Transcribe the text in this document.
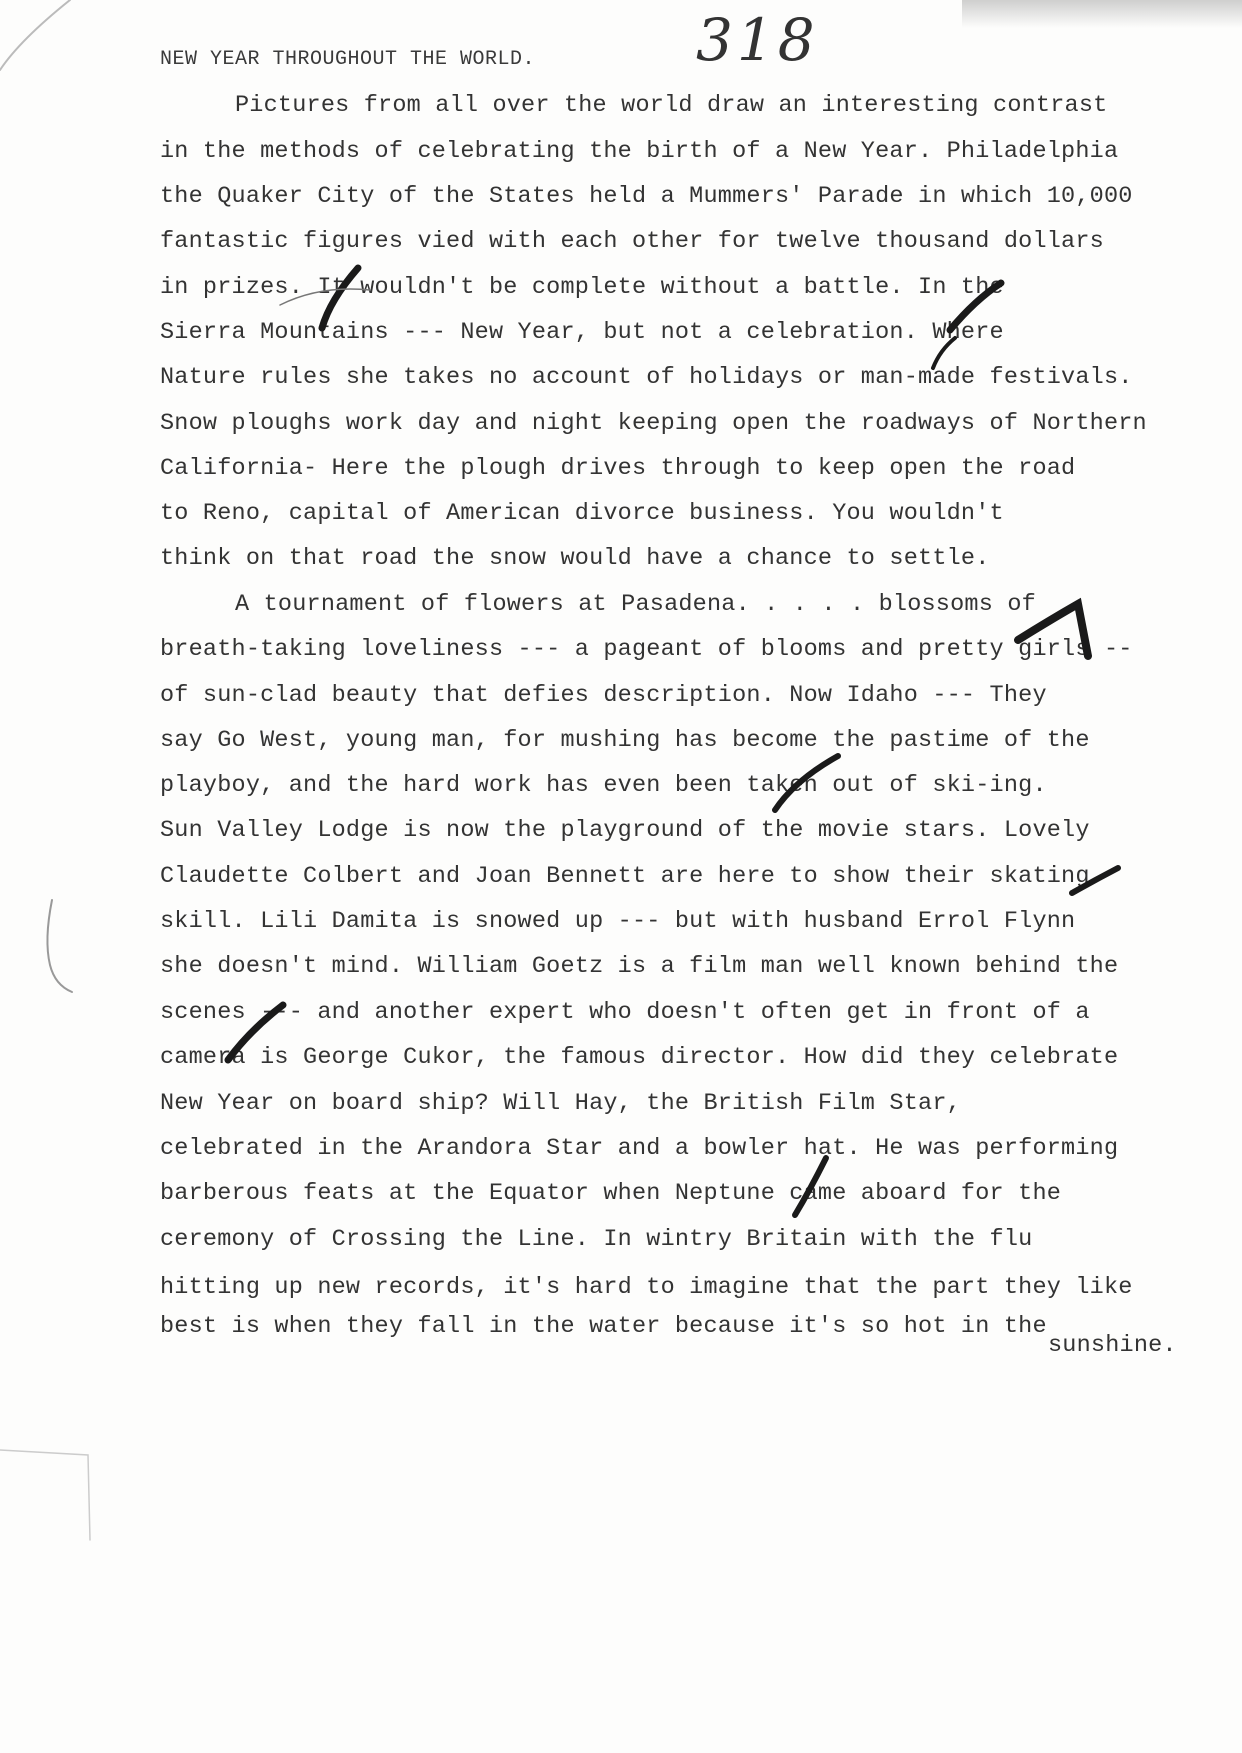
318
NEW YEAR THROUGHOUT THE WORLD.
Pictures from all over the world draw an interesting contrast
in the methods of celebrating the birth of a New Year. Philadelphia
the Quaker City of the States held a Mummers' Parade in which 10,000
fantastic figures vied with each other for twelve thousand dollars
in prizes. It wouldn't be complete without a battle. In the
Sierra Mountains --- New Year, but not a celebration. Where
Nature rules she takes no account of holidays or man-made festivals.
Snow ploughs work day and night keeping open the roadways of Northern
California- Here the plough drives through to keep open the road
to Reno, capital of American divorce business. You wouldn't
think on that road the snow would have a chance to settle.
A tournament of flowers at Pasadena. . . . . blossoms of
breath-taking loveliness --- a pageant of blooms and pretty girls --
of sun-clad beauty that defies description. Now Idaho --- They
say Go West, young man, for mushing has become the pastime of the
playboy, and the hard work has even been taken out of ski-ing.
Sun Valley Lodge is now the playground of the movie stars. Lovely
Claudette Colbert and Joan Bennett are here to show their skating
skill. Lili Damita is snowed up --- but with husband Errol Flynn
she doesn't mind. William Goetz is a film man well known behind the
scenes --- and another expert who doesn't often get in front of a
camera is George Cukor, the famous director. How did they celebrate
New Year on board ship? Will Hay, the British Film Star,
celebrated in the Arandora Star and a bowler hat. He was performing
barberous feats at the Equator when Neptune came aboard for the
ceremony of Crossing the Line. In wintry Britain with the flu
hitting up new records, it's hard to imagine that the part they like
best is when they fall in the water because it's so hot in the
sunshine.
